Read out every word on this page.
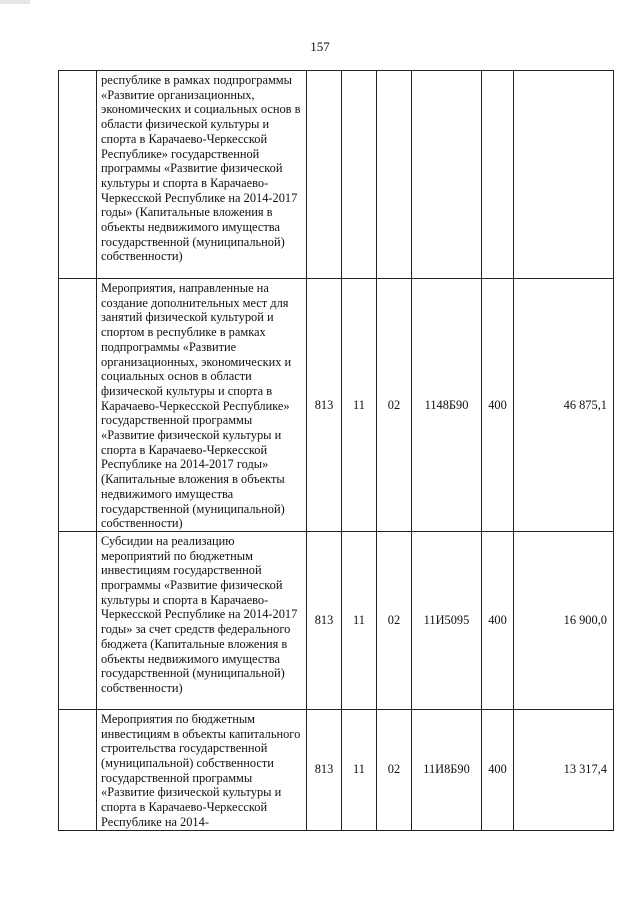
157
	республике в рамках подпрограммы «Развитие организационных, экономических и социальных основ в области физической культуры и спорта в Карачаево-Черкесской Республике» государственной программы «Развитие физической культуры и спорта в Карачаево-Черкесской Республике на 2014-2017 годы» (Капитальные вложения в объекты недвижимого имущества государственной (муниципальной) собственности)						
	Мероприятия, направленные на создание дополнительных мест для занятий физической культурой и спортом в республике в рамках подпрограммы «Развитие организационных, экономических и социальных основ в области физической культуры и спорта в Карачаево-Черкесской Республике» государственной программы «Развитие физической культуры и спорта в Карачаево-Черкесской Республике на 2014-2017 годы» (Капитальные вложения в объекты недвижимого имущества государственной (муниципальной) собственности)	813	11	02	1148Б90	400	46 875,1
	Субсидии на реализацию мероприятий по бюджетным инвестициям государственной программы «Развитие физической культуры и спорта в Карачаево-Черкесской Республике на 2014-2017 годы» за счет средств федерального бюджета (Капитальные вложения в объекты недвижимого имущества государственной (муниципальной) собственности)	813	11	02	11И5095	400	16 900,0
	Мероприятия по бюджетным инвестициям в объекты капитального строительства государственной (муниципальной) собственности государственной программы «Развитие физической культуры и спорта в Карачаево-Черкесской Республике на 2014-	813	11	02	11И8Б90	400	13 317,4
